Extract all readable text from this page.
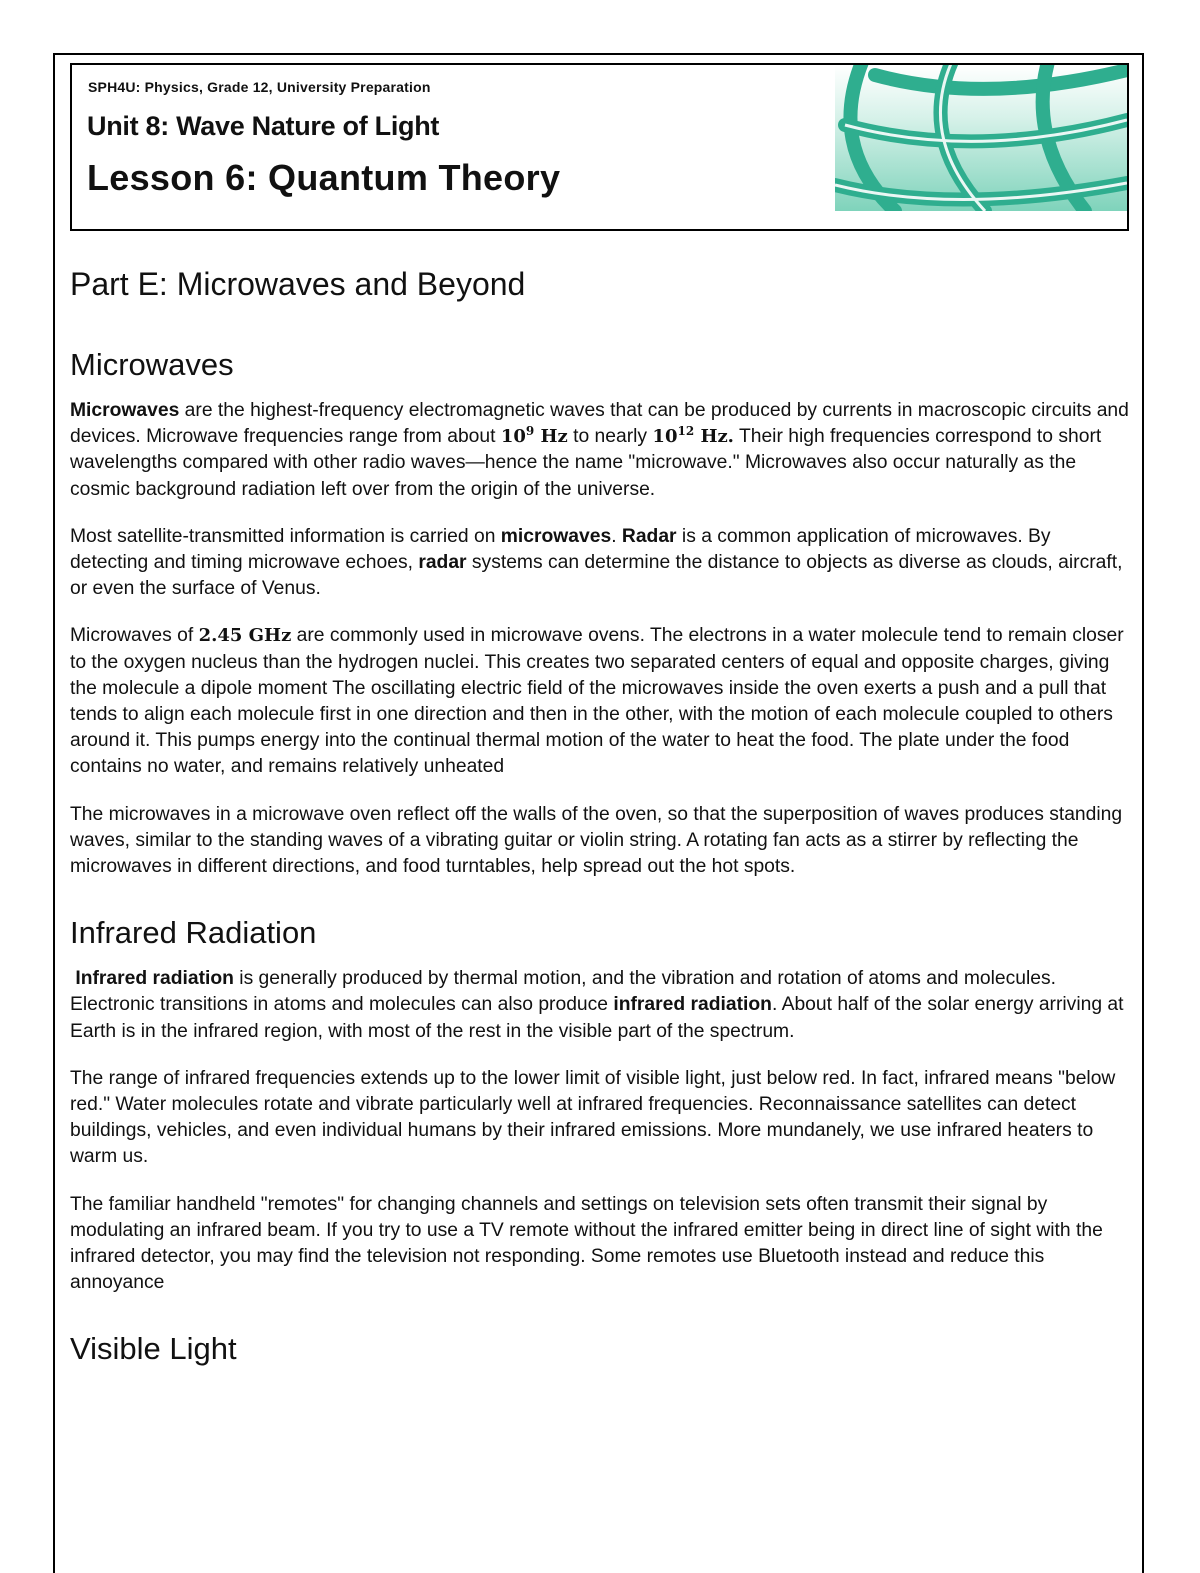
SPH4U: Physics, Grade 12, University Preparation
Unit 8: Wave Nature of Light
Lesson 6: Quantum Theory
Part E: Microwaves and Beyond
Microwaves

Microwaves are the highest-frequency electromagnetic waves that can be produced by currents in macroscopic circuits and devices. Microwave frequencies range from about $10^9$ Hz to nearly $10^{12}$ Hz. Their high frequencies correspond to short wavelengths compared with other radio waves—hence the name "microwave." Microwaves also occur naturally as the cosmic background radiation left over from the origin of the universe.

Most satellite-transmitted information is carried on microwaves. Radar is a common application of microwaves. By detecting and timing microwave echoes, radar systems can determine the distance to objects as diverse as clouds, aircraft, or even the surface of Venus.

Microwaves of 2.45 GHz are commonly used in microwave ovens. The electrons in a water molecule tend to remain closer to the oxygen nucleus than the hydrogen nuclei. This creates two separated centers of equal and opposite charges, giving the molecule a dipole moment The oscillating electric field of the microwaves inside the oven exerts a push and a pull that tends to align each molecule first in one direction and then in the other, with the motion of each molecule coupled to others around it. This pumps energy into the continual thermal motion of the water to heat the food. The plate under the food contains no water, and remains relatively unheated

The microwaves in a microwave oven reflect off the walls of the oven, so that the superposition of waves produces standing waves, similar to the standing waves of a vibrating guitar or violin string. A rotating fan acts as a stirrer by reflecting the microwaves in different directions, and food turntables, help spread out the hot spots.

Infrared Radiation

Infrared radiation is generally produced by thermal motion, and the vibration and rotation of atoms and molecules. Electronic transitions in atoms and molecules can also produce infrared radiation. About half of the solar energy arriving at Earth is in the infrared region, with most of the rest in the visible part of the spectrum.

The range of infrared frequencies extends up to the lower limit of visible light, just below red. In fact, infrared means "below red." Water molecules rotate and vibrate particularly well at infrared frequencies. Reconnaissance satellites can detect buildings, vehicles, and even individual humans by their infrared emissions. More mundanely, we use infrared heaters to warm us.

The familiar handheld "remotes" for changing channels and settings on television sets often transmit their signal by modulating an infrared beam. If you try to use a TV remote without the infrared emitter being in direct line of sight with the infrared detector, you may find the television not responding. Some remotes use Bluetooth instead and reduce this annoyance

Visible Light
